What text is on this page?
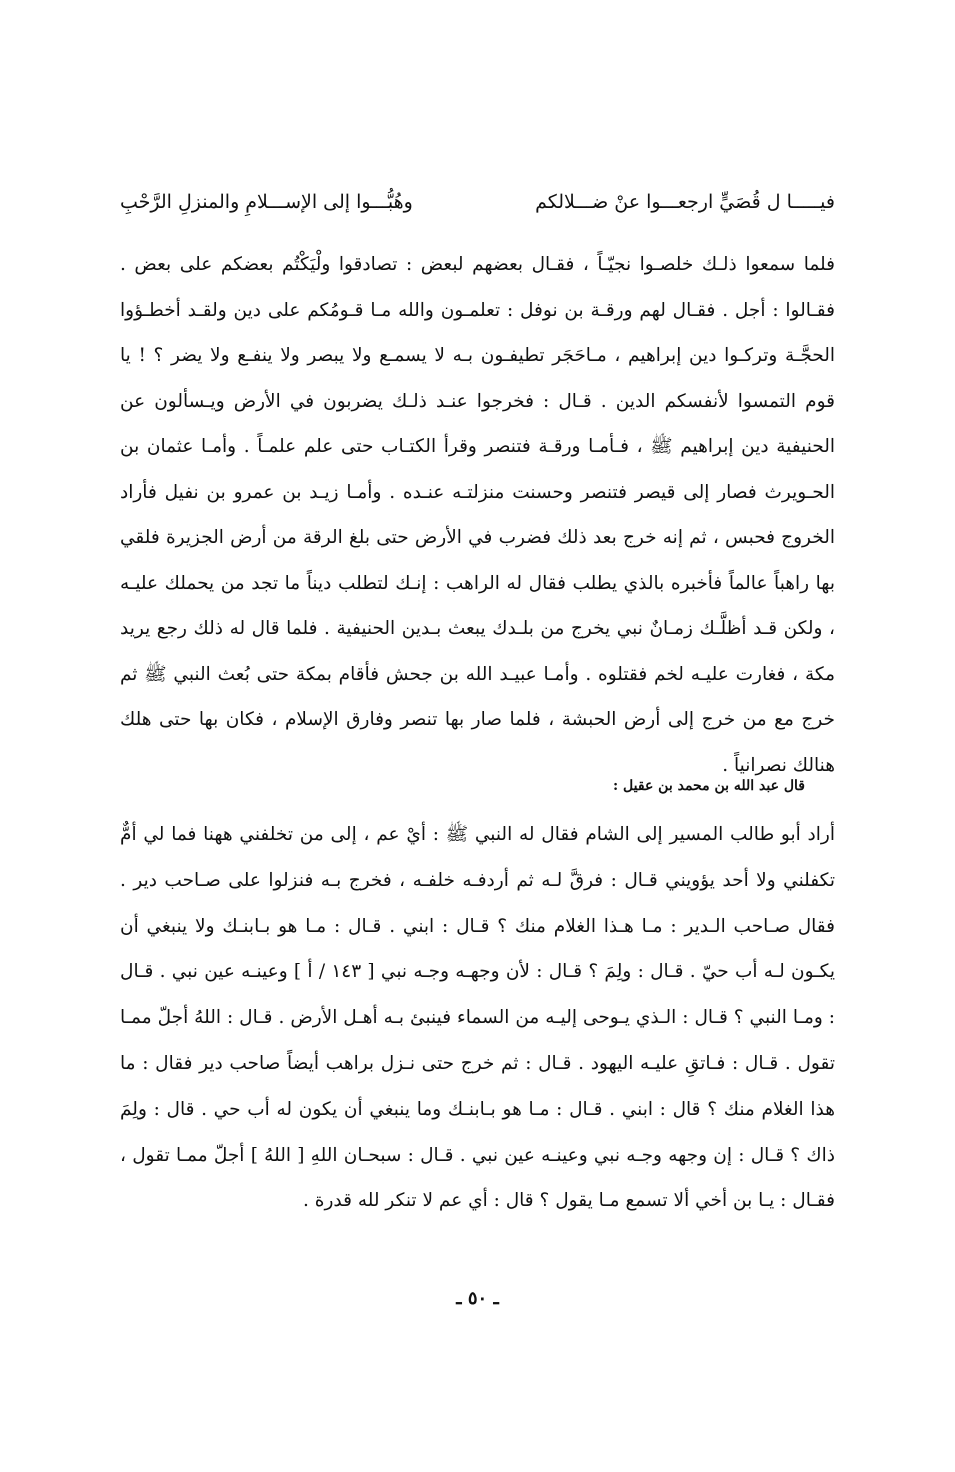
فيـــــا ل قُصَيٍّ ارجعـــوا عنْ ضـــلالكم
وهُبُّـــوا إلى الإســـلامِ والمنزلِ الرَّحْبِ
فلما سمعوا ذلـك خلصـوا نجيّـاً ، فقـال بعضهم لبعض : تصادقوا ولْيَكْتُم بعضكم على بعض . فقـالوا : أجل . فقـال لهم ورقـة بن نوفل : تعلمـون والله مـا قـومُكم على دين ولقـد أخطـؤوا الحجَّـة وتركـوا دين إبراهيم ، مـاحَجَر تطيفـون بـه لا يسمـع ولا يبصر ولا ينفـع ولا يضر ؟ ! يا قوم التمسوا لأنفسكم الدين . قـال : فخرجوا عنـد ذلـك يضربون في الأرض ويـسألون عن الحنيفية دين إبراهيم ﷺ ، فـأمـا ورقـة فتنصر وقرأ الكتـاب حتى علم علمـاً . وأمـا عثمان بن الحـويرث فصار إلى قيصر فتنصر وحسنت منزلتـه عنـده . وأمـا زيـد بن عمرو بن نفيل فأراد الخروج فحبس ، ثم إنه خرج بعد ذلك فضرب في الأرض حتى بلغ الرقة من أرض الجزيرة فلقي بها راهباً عالماً فأخبره بالذي يطلب فقال له الراهب : إنـك لتطلب ديناً ما تجد من يحملك عليـه ، ولكن قـد أظلَّـك زمـانٌ نبي يخرج من بلـدك يبعث بـدين الحنيفية . فلما قال له ذلك رجع يريد مكة ، فغارت عليـه لخم فقتلوه . وأمـا عبيـد الله بن جحش فأقام بمكة حتى بُعث النبي ﷺ ثم خرج مع من خرج إلى أرض الحبشة ، فلما صار بها تنصر وفارق الإسلام ، فكان بها حتى هلك هنالك نصرانياً .
قال عبد الله بن محمد بن عقيل :
أراد أبو طالب المسير إلى الشام فقال له النبي ﷺ : أيْ عم ، إلى من تخلفني ههنا فما لي أمٌّ تكفلني ولا أحد يؤويني قـال : فرقَّ لـه ثم أردفـه خلفـه ، فخرج بـه فنزلوا على صـاحب دير . فقال صـاحب الـدير : مـا هـذا الغلام منك ؟ قـال : ابني . قـال : مـا هو بـابنـك ولا ينبغي أن يكـون لـه أب حيّ . قـال : ولِمَ ؟ قـال : لأن وجهـه وجـه نبي [ ١٤٣ / أ ] وعينـه عين نبي . قـال : ومـا النبي ؟ قـال : الـذي يـوحى إليـه من السماء فينبئ بـه أهـل الأرض . قـال : اللهُ أجلّ ممـا تقول . قـال : فـاتقِ عليـه اليهود . قـال : ثم خرج حتى نـزل براهب أيضاً صاحب دير فقال : ما هذا الغلام منك ؟ قال : ابني . قـال : مـا هو بـابنـك وما ينبغي أن يكون له أب حي . قال : ولِمَ ذاك ؟ قـال : إن وجهه وجـه نبي وعينـه عين نبي . قـال : سبحـان اللهِ [ اللهُ ] أجلّ ممـا تقول ، فقـال : يـا بن أخي ألا تسمع مـا يقول ؟ قال : أي عم لا تنكر لله قدرة .
ـ ٥٠ ـ
